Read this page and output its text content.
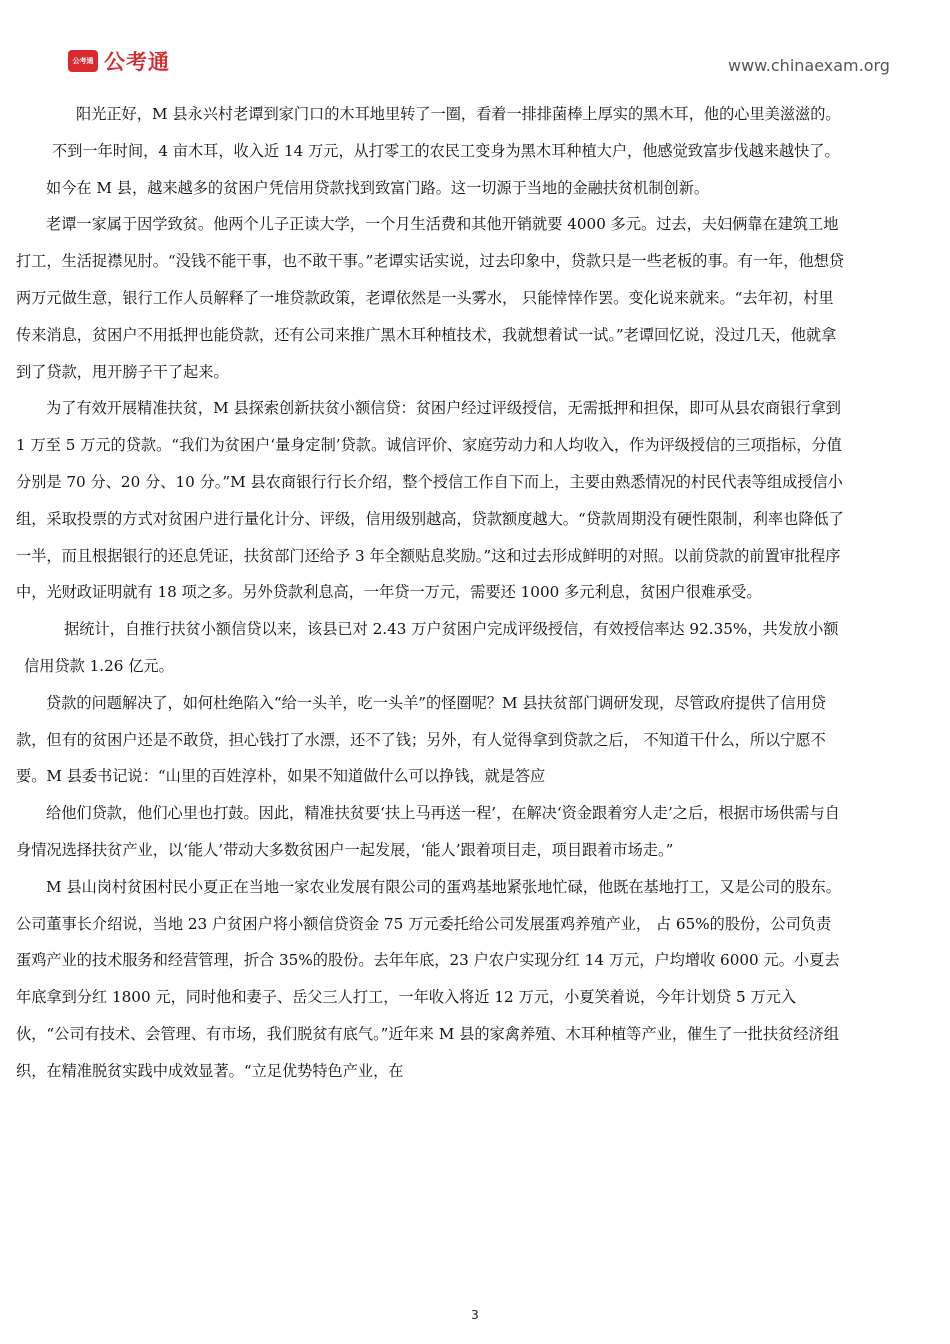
公考通 公考通	www.chinaexam.org

阳光正好，M 县永兴村老谭到家门口的木耳地里转了一圈，看着一排排菌棒上厚实的黑木耳，他的心里美滋滋的。不到一年时间，4 亩木耳，收入近 14 万元，从打零工的农民工变身为黑木耳种植大户，他感觉致富步伐越来越快了。

如今在 M 县，越来越多的贫困户凭信用贷款找到致富门路。这一切源于当地的金融扶贫机制创新。

老谭一家属于因学致贫。他两个儿子正读大学，一个月生活费和其他开销就要 4000 多元。过去，夫妇俩靠在建筑工地打工，生活捉襟见肘。“没钱不能干事，也不敢干事。”老谭实话实说，过去印象中，贷款只是一些老板的事。有一年，他想贷两万元做生意，银行工作人员解释了一堆贷款政策，老谭依然是一头雾水， 只能悻悻作罢。变化说来就来。“去年初，村里传来消息，贫困户不用抵押也能贷款，还有公司来推广黑木耳种植技术，我就想着试一试。”老谭回忆说，没过几天，他就拿到了贷款，甩开膀子干了起来。

为了有效开展精准扶贫，M 县探索创新扶贫小额信贷：贫困户经过评级授信，无需抵押和担保，即可从县农商银行拿到 1 万至 5 万元的贷款。“我们为贫困户‘量身定制’贷款。诚信评价、家庭劳动力和人均收入，作为评级授信的三项指标，分值分别是 70 分、20 分、10 分。”M 县农商银行行长介绍，整个授信工作自下而上，主要由熟悉情况的村民代表等组成授信小组，采取投票的方式对贫困户进行量化计分、评级，信用级别越高，贷款额度越大。“贷款周期没有硬性限制，利率也降低了一半，而且根据银行的还息凭证，扶贫部门还给予 3 年全额贴息奖励。”这和过去形成鲜明的对照。以前贷款的前置审批程序中，光财政证明就有 18 项之多。另外贷款利息高，一年贷一万元，需要还 1000 多元利息，贫困户很难承受。

据统计，自推行扶贫小额信贷以来，该县已对 2.43 万户贫困户完成评级授信，有效授信率达 92.35%，共发放小额信用贷款 1.26 亿元。

贷款的问题解决了，如何杜绝陷入“给一头羊，吃一头羊”的怪圈呢？M 县扶贫部门调研发现，尽管政府提供了信用贷款，但有的贫困户还是不敢贷，担心钱打了水漂，还不了钱；另外，有人觉得拿到贷款之后， 不知道干什么，所以宁愿不要。M 县委书记说：“山里的百姓淳朴，如果不知道做什么可以挣钱，就是答应

给他们贷款，他们心里也打鼓。因此，精准扶贫要‘扶上马再送一程’，在解决‘资金跟着穷人走’之后，根据市场供需与自身情况选择扶贫产业，以‘能人’带动大多数贫困户一起发展，‘能人’跟着项目走，项目跟着市场走。”

M 县山岗村贫困村民小夏正在当地一家农业发展有限公司的蛋鸡基地紧张地忙碌，他既在基地打工，又是公司的股东。公司董事长介绍说，当地 23 户贫困户将小额信贷资金 75 万元委托给公司发展蛋鸡养殖产业， 占 65%的股份，公司负责蛋鸡产业的技术服务和经营管理，折合 35%的股份。去年年底，23 户农户实现分红 14 万元，户均增收 6000 元。小夏去年底拿到分红 1800 元，同时他和妻子、岳父三人打工，一年收入将近 12 万元，小夏笑着说，今年计划贷 5 万元入伙，“公司有技术、会管理、有市场，我们脱贫有底气。”近年来 M 县的家禽养殖、木耳种植等产业，催生了一批扶贫经济组织，在精准脱贫实践中成效显著。“立足优势特色产业，在

3
